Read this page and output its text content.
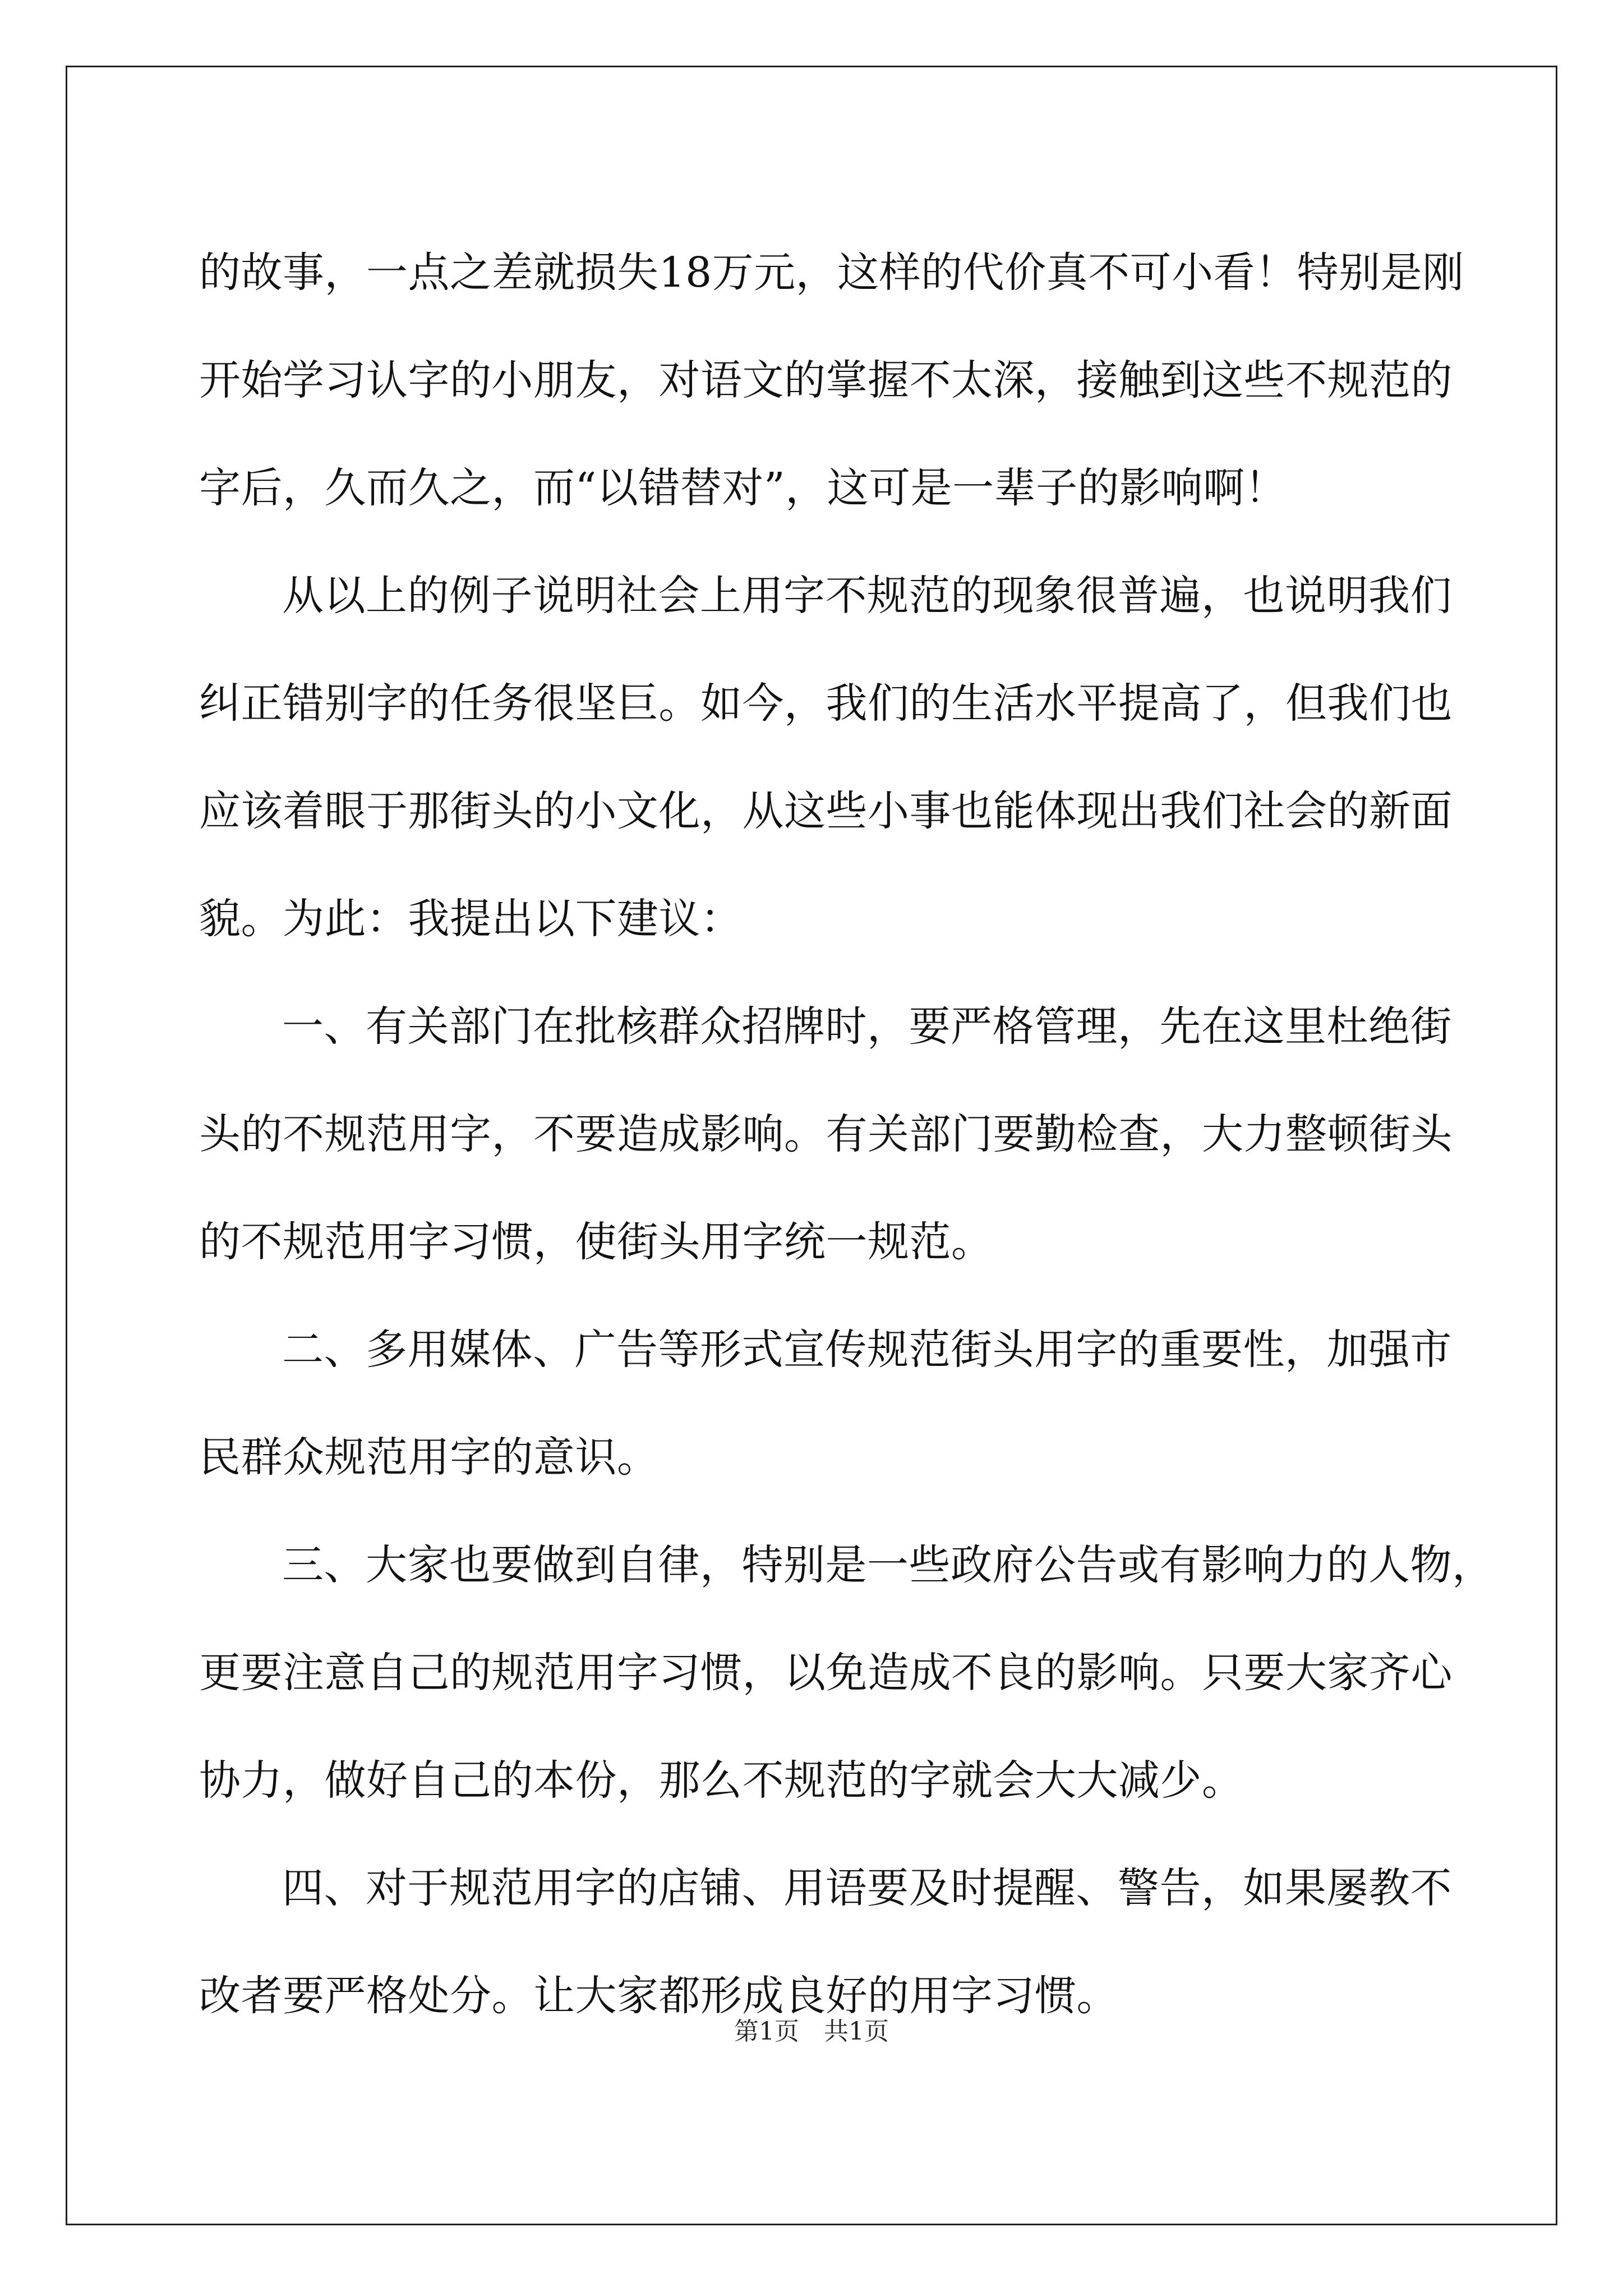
的故事，一点之差就损失18万元，这样的代价真不可小看！特别是刚
开始学习认字的小朋友，对语文的掌握不太深，接触到这些不规范的
字后，久而久之，而“以错替对”，这可是一辈子的影响啊！

从以上的例子说明社会上用字不规范的现象很普遍，也说明我们
纠正错别字的任务很坚巨。如今，我们的生活水平提高了，但我们也
应该着眼于那街头的小文化，从这些小事也能体现出我们社会的新面
貌。为此：我提出以下建议：

一、有关部门在批核群众招牌时，要严格管理，先在这里杜绝街
头的不规范用字，不要造成影响。有关部门要勤检查，大力整顿街头
的不规范用字习惯，使街头用字统一规范。

二、多用媒体、广告等形式宣传规范街头用字的重要性，加强市
民群众规范用字的意识。

三、大家也要做到自律，特别是一些政府公告或有影响力的人物，
更要注意自己的规范用字习惯，以免造成不良的影响。只要大家齐心
协力，做好自己的本份，那么不规范的字就会大大减少。

四、对于规范用字的店铺、用语要及时提醒、警告，如果屡教不
改者要严格处分。让大家都形成良好的用字习惯。

第1页　共1页
